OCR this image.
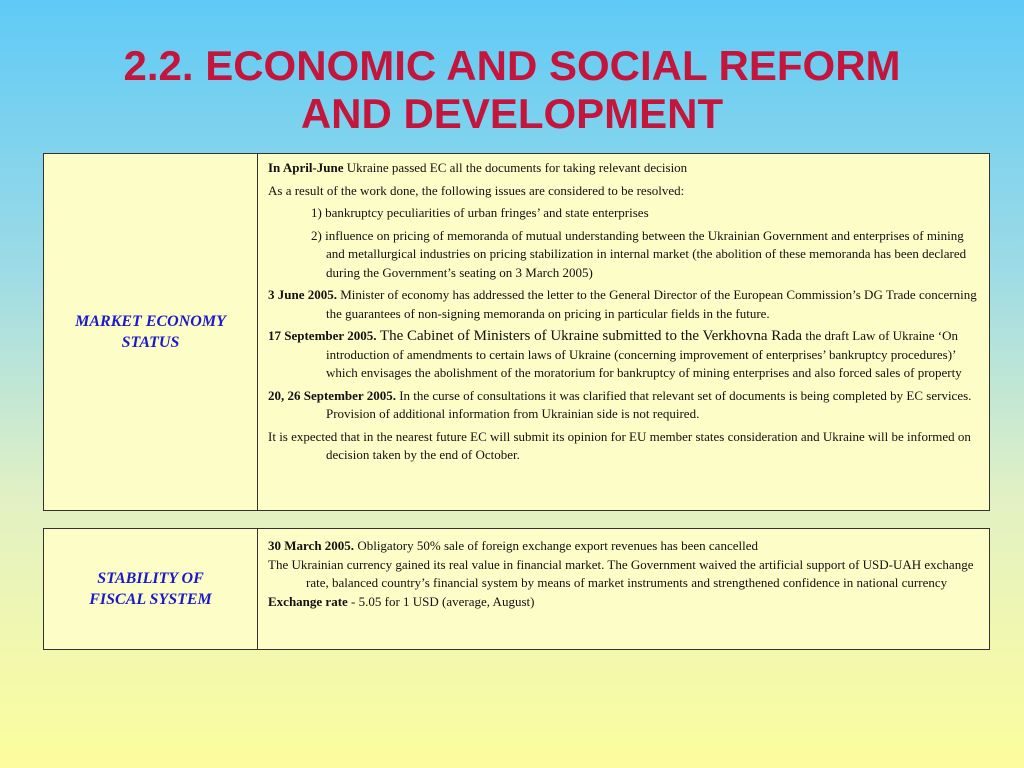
2.2. ECONOMIC AND SOCIAL REFORM
AND DEVELOPMENT
MARKET ECONOMY
STATUS

In April-June Ukraine passed EC all the documents for taking relevant decision

As a result of the work done, the following issues are considered to be resolved:

1) bankruptcy peculiarities of urban fringes’ and state enterprises

2) influence on pricing of memoranda of mutual understanding between the Ukrainian Government and enterprises of mining and metallurgical industries on pricing stabilization in internal market (the abolition of these memoranda has been declared during the Government’s seating on 3 March 2005)

3 June 2005. Minister of economy has addressed the letter to the General Director of the European Commission’s DG Trade concerning the guarantees of non-signing memoranda on pricing in particular fields in the future.

17 September 2005. The Cabinet of Ministers of Ukraine submitted to the Verkhovna Rada the draft Law of Ukraine ‘On introduction of amendments to certain laws of Ukraine (concerning improvement of enterprises’ bankruptcy procedures)’ which envisages the abolishment of the moratorium for bankruptcy of mining enterprises and also forced sales of property

20, 26 September 2005. In the curse of consultations it was clarified that relevant set of documents is being completed by EC services. Provision of additional information from Ukrainian side is not required.

It is expected that in the nearest future EC will submit its opinion for EU member states consideration and Ukraine will be informed on decision taken by the end of October.

STABILITY OF
FISCAL SYSTEM

30 March 2005. Obligatory 50% sale of foreign exchange export revenues has been cancelled

The Ukrainian currency gained its real value in financial market. The Government waived the artificial support of USD-UAH exchange rate, balanced country’s financial system by means of market instruments and strengthened confidence in national currency

Exchange rate - 5.05 for 1 USD (average, August)
